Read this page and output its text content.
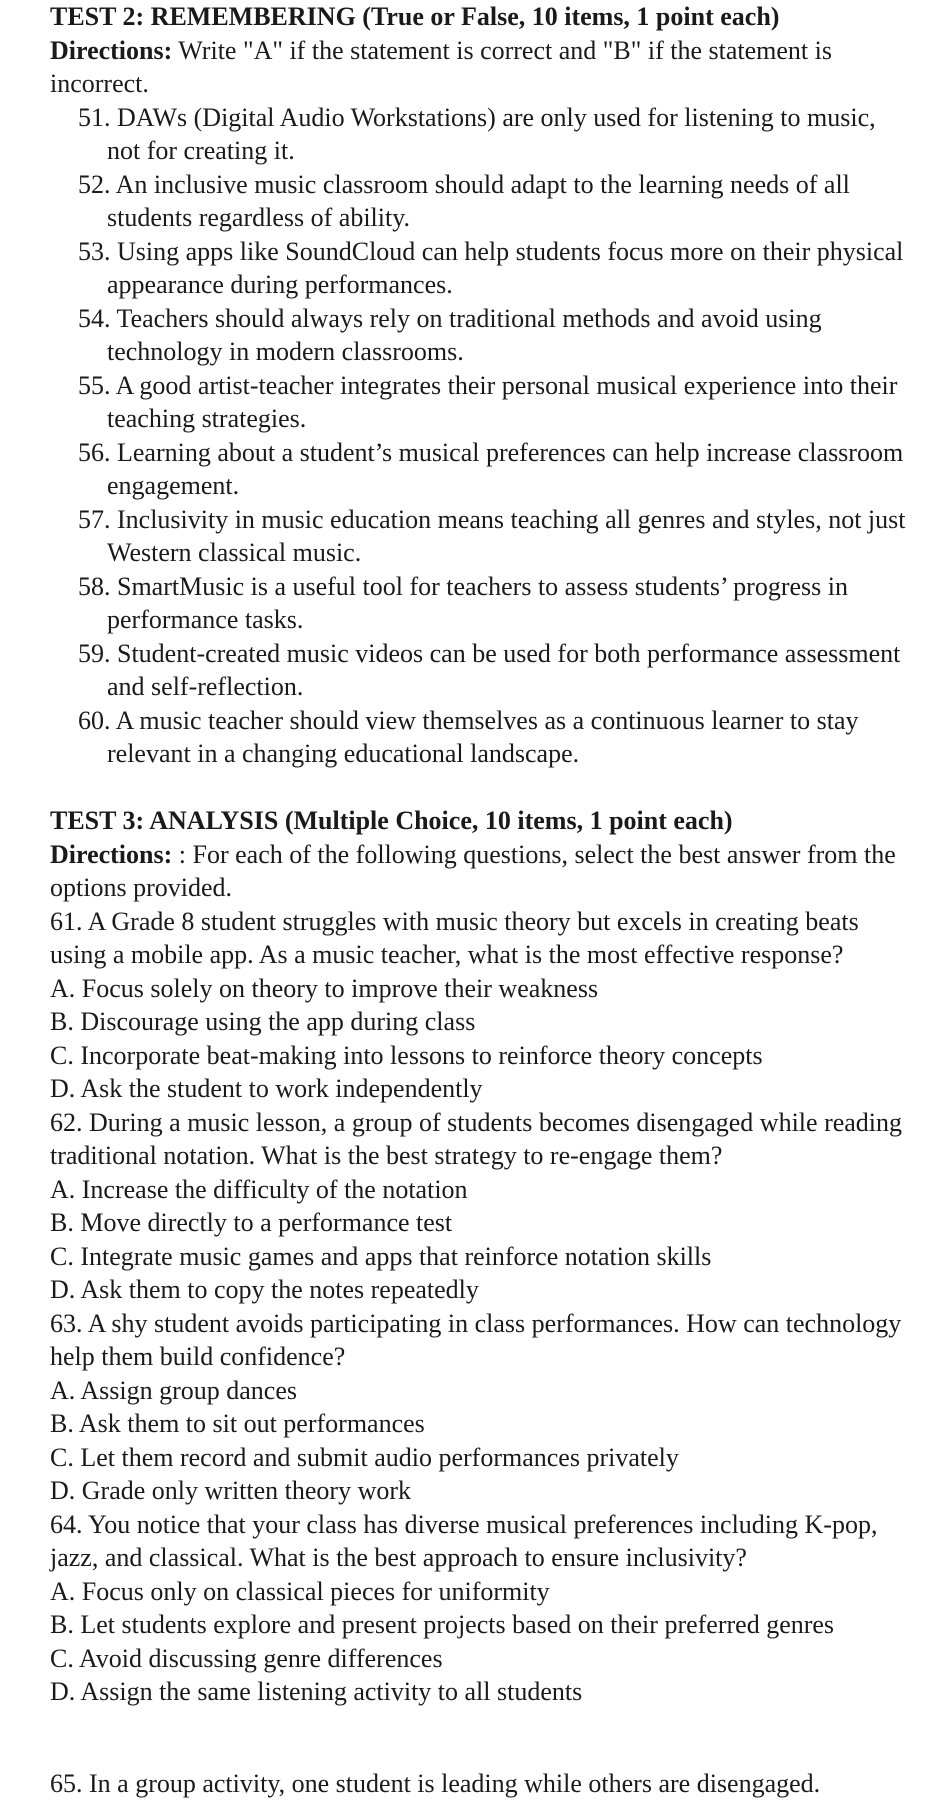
TEST 2: REMEMBERING (True or False, 10 items, 1 point each)
Directions: Write "A" if the statement is correct and "B" if the statement is incorrect.
51. DAWs (Digital Audio Workstations) are only used for listening to music, not for creating it.
52. An inclusive music classroom should adapt to the learning needs of all students regardless of ability.
53. Using apps like SoundCloud can help students focus more on their physical appearance during performances.
54. Teachers should always rely on traditional methods and avoid using technology in modern classrooms.
55. A good artist-teacher integrates their personal musical experience into their teaching strategies.
56. Learning about a student’s musical preferences can help increase classroom engagement.
57. Inclusivity in music education means teaching all genres and styles, not just Western classical music.
58. SmartMusic is a useful tool for teachers to assess students’ progress in performance tasks.
59. Student-created music videos can be used for both performance assessment and self-reflection.
60. A music teacher should view themselves as a continuous learner to stay relevant in a changing educational landscape.
TEST 3: ANALYSIS (Multiple Choice, 10 items, 1 point each)
Directions: : For each of the following questions, select the best answer from the options provided.
61. A Grade 8 student struggles with music theory but excels in creating beats using a mobile app. As a music teacher, what is the most effective response?
A. Focus solely on theory to improve their weakness
B. Discourage using the app during class
C. Incorporate beat-making into lessons to reinforce theory concepts
D. Ask the student to work independently
62. During a music lesson, a group of students becomes disengaged while reading traditional notation. What is the best strategy to re-engage them?
A. Increase the difficulty of the notation
B. Move directly to a performance test
C. Integrate music games and apps that reinforce notation skills
D. Ask them to copy the notes repeatedly
63. A shy student avoids participating in class performances. How can technology help them build confidence?
A. Assign group dances
B. Ask them to sit out performances
C. Let them record and submit audio performances privately
D. Grade only written theory work
64. You notice that your class has diverse musical preferences including K-pop, jazz, and classical. What is the best approach to ensure inclusivity?
A. Focus only on classical pieces for uniformity
B. Let students explore and present projects based on their preferred genres
C. Avoid discussing genre differences
D. Assign the same listening activity to all students
65. In a group activity, one student is leading while others are disengaged.
